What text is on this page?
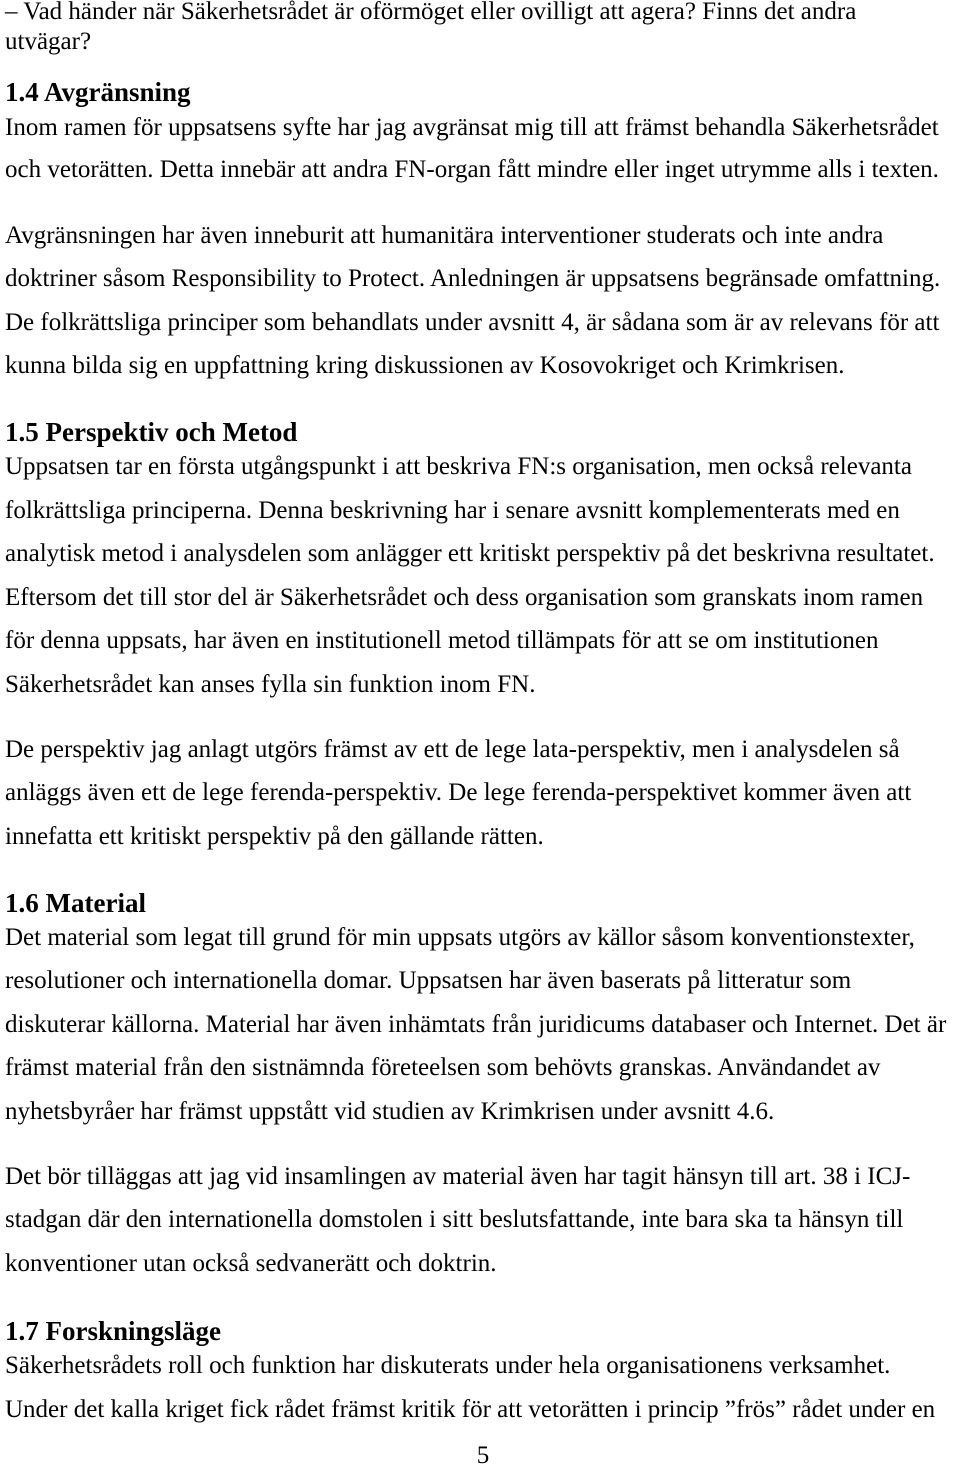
– Vad händer när Säkerhetsrådet är oförmöget eller ovilligt att agera? Finns det andra
utvägar?
1.4 Avgränsning
Inom ramen för uppsatsens syfte har jag avgränsat mig till att främst behandla Säkerhetsrådet
och vetorätten. Detta innebär att andra FN-organ fått mindre eller inget utrymme alls i texten.
Avgränsningen har även inneburit att humanitära interventioner studerats och inte andra
doktriner såsom Responsibility to Protect. Anledningen är uppsatsens begränsade omfattning.
De folkrättsliga principer som behandlats under avsnitt 4, är sådana som är av relevans för att
kunna bilda sig en uppfattning kring diskussionen av Kosovokriget och Krimkrisen.
1.5 Perspektiv och Metod
Uppsatsen tar en första utgångspunkt i att beskriva FN:s organisation, men också relevanta
folkrättsliga principerna. Denna beskrivning har i senare avsnitt komplementerats med en
analytisk metod i analysdelen som anlägger ett kritiskt perspektiv på det beskrivna resultatet.
Eftersom det till stor del är Säkerhetsrådet och dess organisation som granskats inom ramen
för denna uppsats, har även en institutionell metod tillämpats för att se om institutionen
Säkerhetsrådet kan anses fylla sin funktion inom FN.
De perspektiv jag anlagt utgörs främst av ett de lege lata-perspektiv, men i analysdelen så
anläggs även ett de lege ferenda-perspektiv. De lege ferenda-perspektivet kommer även att
innefatta ett kritiskt perspektiv på den gällande rätten.
1.6 Material
Det material som legat till grund för min uppsats utgörs av källor såsom konventionstexter,
resolutioner och internationella domar. Uppsatsen har även baserats på litteratur som
diskuterar källorna. Material har även inhämtats från juridicums databaser och Internet. Det är
främst material från den sistnämnda företeelsen som behövts granskas. Användandet av
nyhetsbyråer har främst uppstått vid studien av Krimkrisen under avsnitt 4.6.
Det bör tilläggas att jag vid insamlingen av material även har tagit hänsyn till art. 38 i ICJ-
stadgan där den internationella domstolen i sitt beslutsfattande, inte bara ska ta hänsyn till
konventioner utan också sedvanerätt och doktrin.
1.7 Forskningsläge
Säkerhetsrådets roll och funktion har diskuterats under hela organisationens verksamhet.
Under det kalla kriget fick rådet främst kritik för att vetorätten i princip ”frös” rådet under en
5
